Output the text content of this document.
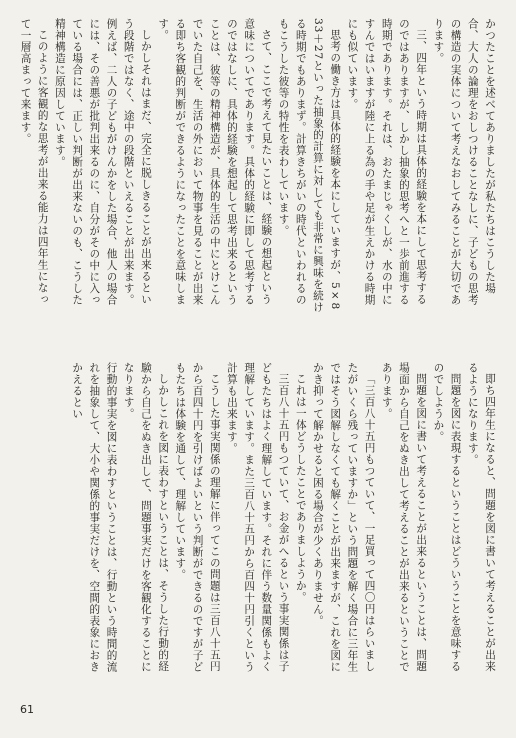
かつたことを述べてありましたが私たちはこうした場合、大人の論理をおしつけることなしに、子どもの思考の構造の実体について考えなおしてみることが大切であります。

三、四年という時期は具体的経験を本にして思考するのではありますが、しかし抽象的思考へと一歩前進する時期であります。それは、おたまじゃくしが、水の中にすんではいますが陸に上る為の手や足が生えかける時期にも似ています。

思考の働き方は具体的経験を本にしていますが、5×8　33＋27といった抽象的計算に対しても非常に興味を続ける時期でもありまず。計算きちがいの時代といわれるのもこうした彼等の特性を表わしています。

さて、ここで考えて見たいことは、経験の想起という意味についてであります。具体的経験に即して思考するのではなしに、具体的経験を想起して思考出来るということは、彼等の精神構造が、具体的生活の中にとけこんでいた自己を、生活の外において物事を見ることが出来る即ち客観的判断ができるようになったことを意味します。

しかしそれはまだ、完全に脱しきることが出来るという段階ではなく、途中の段階といえることが出来ます。例えば、二人の子どもがけんかをした場合、他人の場合には、その善悪が批判出来るのに、自分がその中に入っている場合には、正しい判断が出来ないのも、こうした精神構造に原因しています。

このように客観的な思考が出来る能力は四年生になって一層高まって来ます。

即ち四年生になると、問題を図に書いて考えることが出来るようになります。

問題を図に表現するということはどういうことを意味するのでしようか。

問題を図に書いて考えることが出来るということは、問題場面から自己をぬき出して考えることが出来るということであります。

「三百八十五円もつていて、一足買って四〇円はらいましたがいくら残っていますか」という問題を解く場合に三年生ではそう図解しなくても解くことが出来ますが、これを図にかき抑って解かせると困る場合が少くありません。

これは一体どうしたことでありましようか。

三百八十五円もつていて、お金がへるという事実関係は子どもたちはよく理解しています。それに伴う数量関係もよく理解しています。また三百八十五円から百四十円引くという計算も出来ます。

こうした事実関係の理解に伴ってこの問題は三百八十五円から百四十円を引けばよいという判断ができるのですが子どもたちは体験を通して、理解しています。

しかしこれを図に表わすということは、そうした行動的経験から自己をぬき出して、問題事実だけを客観化することになります。

行動的事実を図に表わすということは、行動という時間的流れを抽象して、大小や関係的事実だけを、空間的表象におきかえるとい

61
